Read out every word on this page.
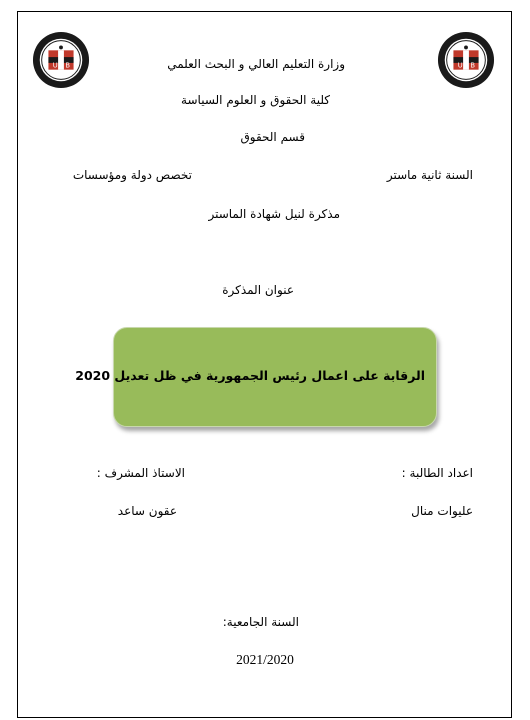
U B	U B
وزارة التعليم العالي و البحث العلمي
كلية الحقوق و العلوم السياسة
قسم الحقوق
السنة ثانية ماستر
تخصص دولة ومؤسسات
مذكرة لنيل شهادة الماستر
عنوان المذكرة
الرقابة على اعمال رئيس الجمهورية في ظل تعديل 2020
اعداد الطالبة :
الاستاذ المشرف :
عليوات منال
عقون ساعد
السنة الجامعية:
2021/2020
